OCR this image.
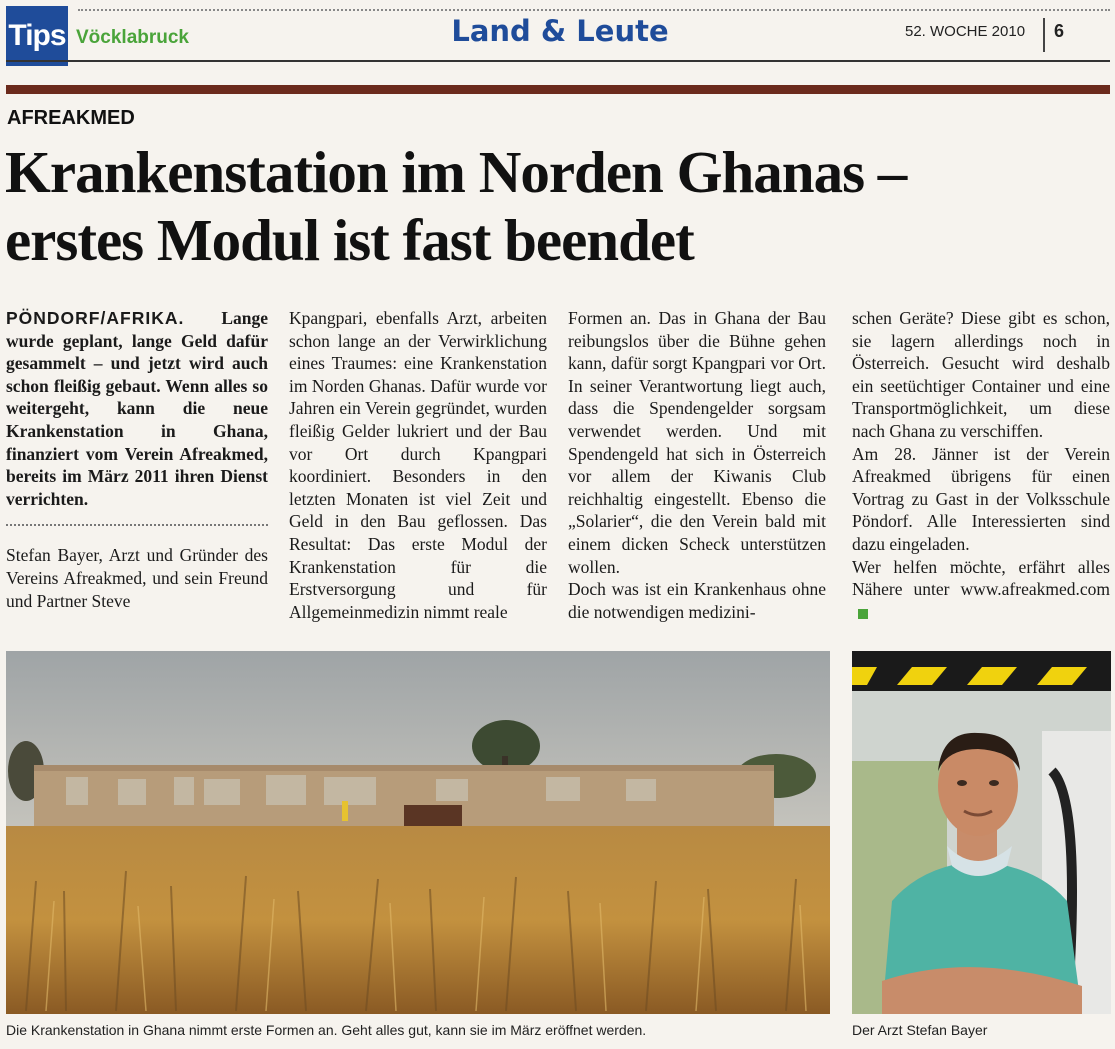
Tips Vöcklabruck	Land & Leute	52. WOCHE 2010 6
AFREAKMED
Krankenstation im Norden Ghanas –
erstes Modul ist fast beendet

PÖNDORF/AFRIKA. Lange wurde geplant, lange Geld dafür gesammelt – und jetzt wird auch schon fleißig gebaut. Wenn alles so weitergeht, kann die neue Krankenstation in Ghana, finanziert vom Verein Afreakmed, bereits im März 2011 ihren Dienst verrichten.

Stefan Bayer, Arzt und Gründer des Vereins Afreakmed, und sein Freund und Partner Steve

Kpangpari, ebenfalls Arzt, arbeiten schon lange an der Verwirklichung eines Traumes: eine Krankenstation im Norden Ghanas. Dafür wurde vor Jahren ein Verein gegründet, wurden fleißig Gelder lukriert und der Bau vor Ort durch Kpangpari koordiniert. Besonders in den letzten Monaten ist viel Zeit und Geld in den Bau geflossen. Das Resultat: Das erste Modul der Krankenstation für die Erstversorgung und für Allgemeinmedizin nimmt reale

Formen an. Das in Ghana der Bau reibungslos über die Bühne gehen kann, dafür sorgt Kpangpari vor Ort. In seiner Verantwortung liegt auch, dass die Spendengelder sorgsam verwendet werden. Und mit Spendengeld hat sich in Österreich vor allem der Kiwanis Club reichhaltig eingestellt. Ebenso die „Solarier“, die den Verein bald mit einem dicken Scheck unterstützen wollen.

Doch was ist ein Krankenhaus ohne die notwendigen medizini-

schen Geräte? Diese gibt es schon, sie lagern allerdings noch in Österreich. Gesucht wird deshalb ein seetüchtiger Container und eine Transportmöglichkeit, um diese nach Ghana zu verschiffen.

Am 28. Jänner ist der Verein Afreakmed übrigens für einen Vortrag zu Gast in der Volksschule Pöndorf. Alle Interessierten sind dazu eingeladen.

Wer helfen möchte, erfährt alles Nähere unter www.afreakmed.com

Die Krankenstation in Ghana nimmt erste Formen an. Geht alles gut, kann sie im März eröffnet werden.	Der Arzt Stefan Bayer
